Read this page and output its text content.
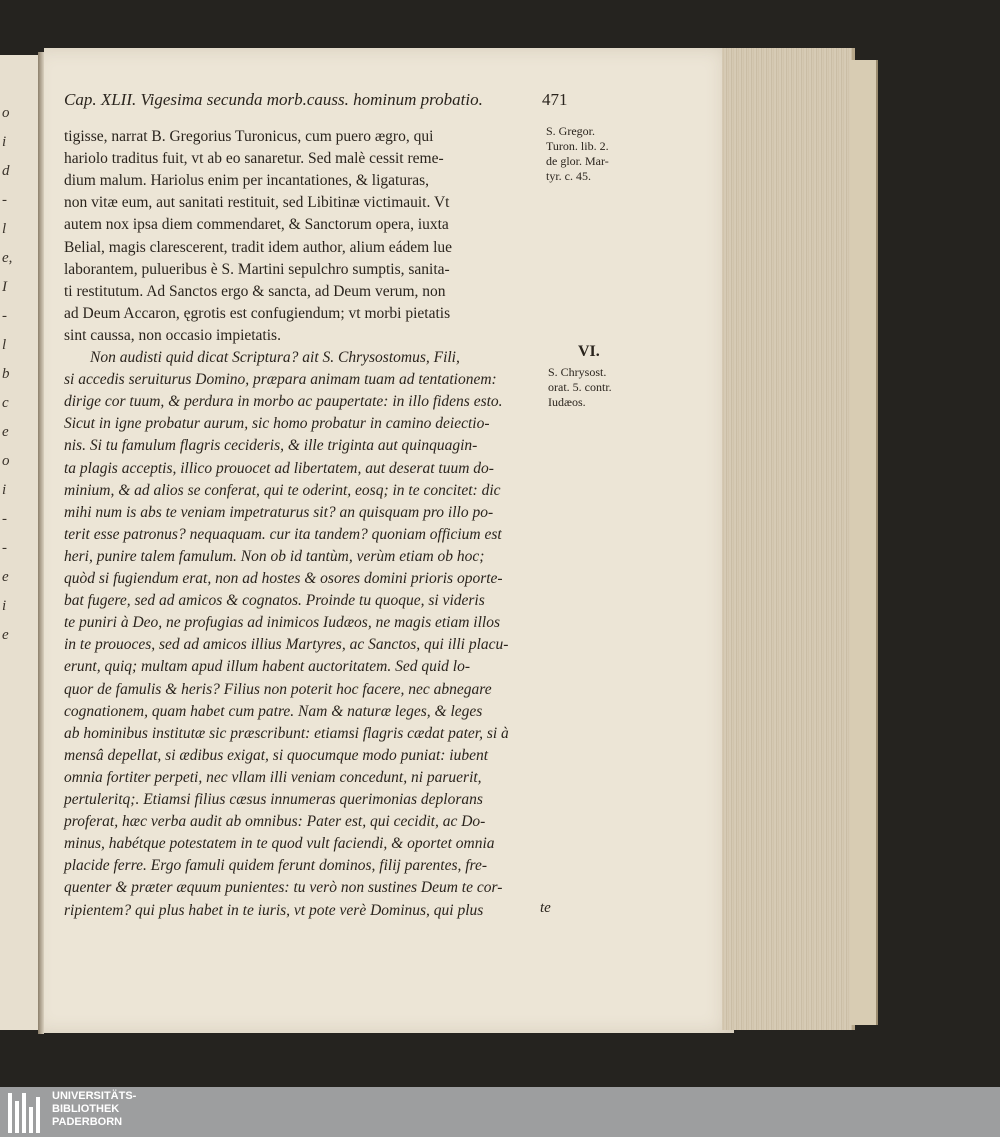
o
i
d
-
l
e,
I
-
l
b
c
e
o
i
-
-
e
i
e
Cap. XLII. Vigesima secunda morb.causs. hominum probatio.	471
tigisse, narrat B. Gregorius Turonicus, cum puero ægro, qui
hariolo traditus fuit, vt ab eo sanaretur. Sed malè cessit reme-
dium malum. Hariolus enim per incantationes, & ligaturas,
non vitæ eum, aut sanitati restituit, sed Libitinæ victimauit. Vt
autem nox ipsa diem commendaret, & Sanctorum opera, iuxta
Belial, magis clarescerent, tradit idem author, alium eádem lue
laborantem, pulueribus è S. Martini sepulchro sumptis, sanita-
ti restitutum. Ad Sanctos ergo & sancta, ad Deum verum, non
ad Deum Accaron, ęgrotis est confugiendum; vt morbi pietatis
sint caussa, non occasio impietatis.
Non audisti quid dicat Scriptura? ait S. Chrysostomus, Fili,
si accedis seruiturus Domino, præpara animam tuam ad tentationem:
dirige cor tuum, & perdura in morbo ac paupertate: in illo fidens esto.
Sicut in igne probatur aurum, sic homo probatur in camino deiectio-
nis. Si tu famulum flagris cecideris, & ille triginta aut quinquagin-
ta plagis acceptis, illico prouocet ad libertatem, aut deserat tuum do-
minium, & ad alios se conferat, qui te oderint, eosq; in te concitet: dic
mihi num is abs te veniam impetraturus sit? an quisquam pro illo po-
terit esse patronus? nequaquam. cur ita tandem? quoniam officium est
heri, punire talem famulum. Non ob id tantùm, verùm etiam ob hoc;
quòd si fugiendum erat, non ad hostes & osores domini prioris oporte-
bat fugere, sed ad amicos & cognatos. Proinde tu quoque, si videris
te puniri à Deo, ne profugias ad inimicos Iudæos, ne magis etiam illos
in te prouoces, sed ad amicos illius Martyres, ac Sanctos, qui illi placu-
erunt, quiq; multam apud illum habent auctoritatem. Sed quid lo-
quor de famulis & heris? Filius non poterit hoc facere, nec abnegare
cognationem, quam habet cum patre. Nam & naturæ leges, & leges
ab hominibus institutæ sic præscribunt: etiamsi flagris cædat pater, si à
mensâ depellat, si ædibus exigat, si quocumque modo puniat: iubent
omnia fortiter perpeti, nec vllam illi veniam concedunt, ni paruerit,
pertuleritq;. Etiamsi filius cæsus innumeras querimonias deplorans
proferat, hæc verba audit ab omnibus: Pater est, qui cecidit, ac Do-
minus, habétque potestatem in te quod vult faciendi, & oportet omnia
placide ferre. Ergo famuli quidem ferunt dominos, filij parentes, fre-
quenter & præter æquum punientes: tu verò non sustines Deum te cor-
ripientem? qui plus habet in te iuris, vt pote verè Dominus, qui plus
S. Gregor.
Turon. lib. 2.
de glor. Mar-
tyr. c. 45.
VI.
S. Chrysost.
orat. 5. contr.
Iudæos.
te
UNIVERSITÄTS-
BIBLIOTHEK
PADERBORN
